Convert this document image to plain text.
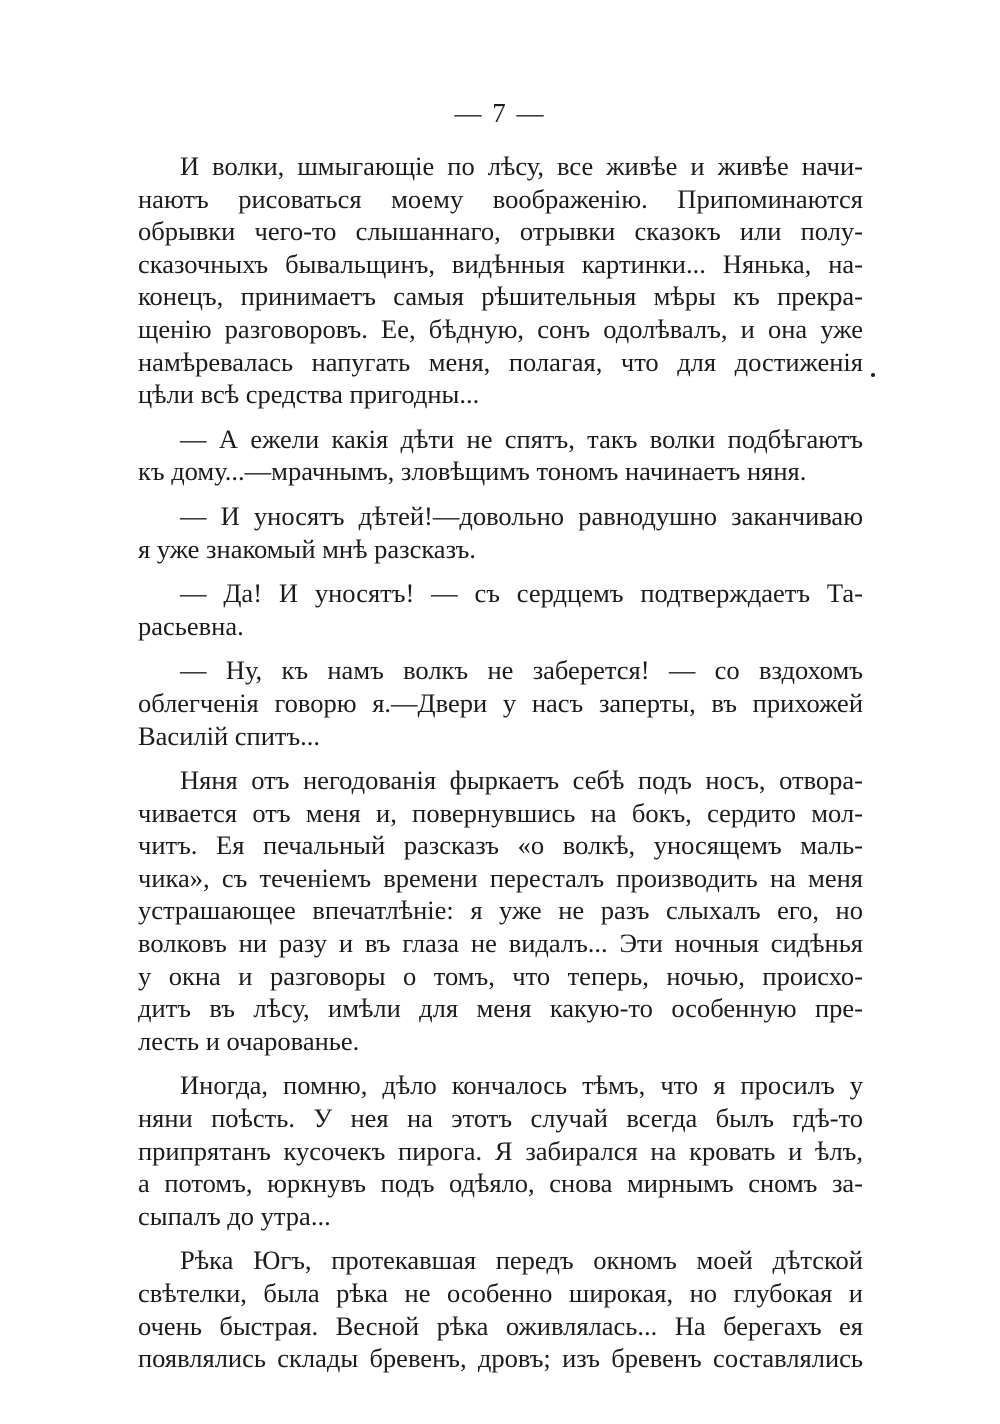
— 7 —
И волки, шмыгающіе по лѣсу, все живѣе и живѣе начи-
наютъ рисоваться моему воображенію. Припоминаются
обрывки чего-то слышаннаго, отрывки сказокъ или полу-
сказочныхъ бывальщинъ, видѣнныя картинки... Нянька, на-
конецъ, принимаетъ самыя рѣшительныя мѣры къ прекра-
щенію разговоровъ. Ее, бѣдную, сонъ одолѣвалъ, и она уже
намѣревалась напугать меня, полагая, что для достиженія
цѣли всѣ средства пригодны...
— А ежели какія дѣти не спятъ, такъ волки подбѣгаютъ
къ дому...—мрачнымъ, зловѣщимъ тономъ начинаетъ няня.
— И уносятъ дѣтей!—довольно равнодушно заканчиваю
я уже знакомый мнѣ разсказъ.
— Да! И уносятъ! — съ сердцемъ подтверждаетъ Та-
расьевна.
— Ну, къ намъ волкъ не заберется! — со вздохомъ
облегченія говорю я.—Двери у насъ заперты, въ прихожей
Василій спитъ...
Няня отъ негодованія фыркаетъ себѣ подъ носъ, отвора-
чивается отъ меня и, повернувшись на бокъ, сердито мол-
читъ. Ея печальный разсказъ «о волкѣ, уносящемъ маль-
чика», съ теченіемъ времени пересталъ производить на меня
устрашающее впечатлѣніе: я уже не разъ слыхалъ его, но
волковъ ни разу и въ глаза не видалъ... Эти ночныя сидѣнья
у окна и разговоры о томъ, что теперь, ночью, происхо-
дитъ въ лѣсу, имѣли для меня какую-то особенную пре-
лесть и очарованье.
Иногда, помню, дѣло кончалось тѣмъ, что я просилъ у
няни поѣсть. У нея на этотъ случай всегда былъ гдѣ-то
припрятанъ кусочекъ пирога. Я забирался на кровать и ѣлъ,
а потомъ, юркнувъ подъ одѣяло, снова мирнымъ сномъ за-
сыпалъ до утра...
Рѣка Югъ, протекавшая передъ окномъ моей дѣтской
свѣтелки, была рѣка не особенно широкая, но глубокая и
очень быстрая. Весной рѣка оживлялась... На берегахъ ея
появлялись склады бревенъ, дровъ; изъ бревенъ составлялись
